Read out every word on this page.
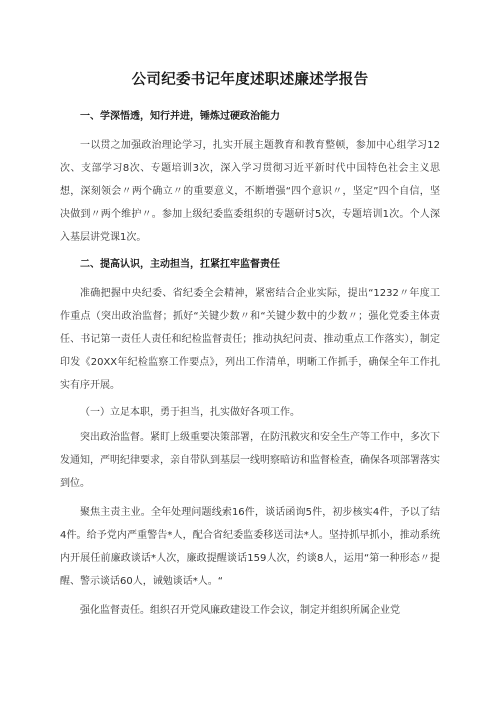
公司纪委书记年度述职述廉述学报告

一、学深悟透，知行并进，锤炼过硬政治能力

一以贯之加强政治理论学习，扎实开展主题教育和教育整顿，参加中心组学习12次、支部学习8次、专题培训3次，深入学习贯彻习近平新时代中国特色社会主义思想，深刻领会〃两个确立〃的重要意义，不断增强“四个意识〃，坚定”四个自信，坚决做到〃两个维护〃。参加上级纪委监委组织的专题研讨5次，专题培训1次。个人深入基层讲党课1次。

二、提高认识，主动担当，扛紧扛牢监督责任

准确把握中央纪委、省纪委全会精神，紧密结合企业实际，提出“1232〃年度工作重点（突出政治监督；抓好“关键少数〃和“关键少数中的少数〃；强化党委主体责任、书记第一责任人责任和纪检监督责任；推动执纪问责、推动重点工作落实），制定印发《20XX年纪检监察工作要点》，列出工作清单，明晰工作抓手，确保全年工作扎实有序开展。

（一）立足本职，勇于担当，扎实做好各项工作。

突出政治监督。紧盯上级重要决策部署，在防汛救灾和安全生产等工作中，多次下发通知，严明纪律要求，亲自带队到基层一线明察暗访和监督检查，确保各项部署落实到位。

聚焦主责主业。全年处理问题线索16件，谈话函询5件，初步核实4件，予以了结4件。给予党内严重警告*人，配合省纪委监委移送司法*人。坚持抓早抓小，推动系统内开展任前廉政谈话*人次，廉政提醒谈话159人次，约谈8人，运用“第一种形态〃提醒、警示谈话60人，诫勉谈话*人。“

强化监督责任。组织召开党风廉政建设工作会议，制定并组织所属企业党
